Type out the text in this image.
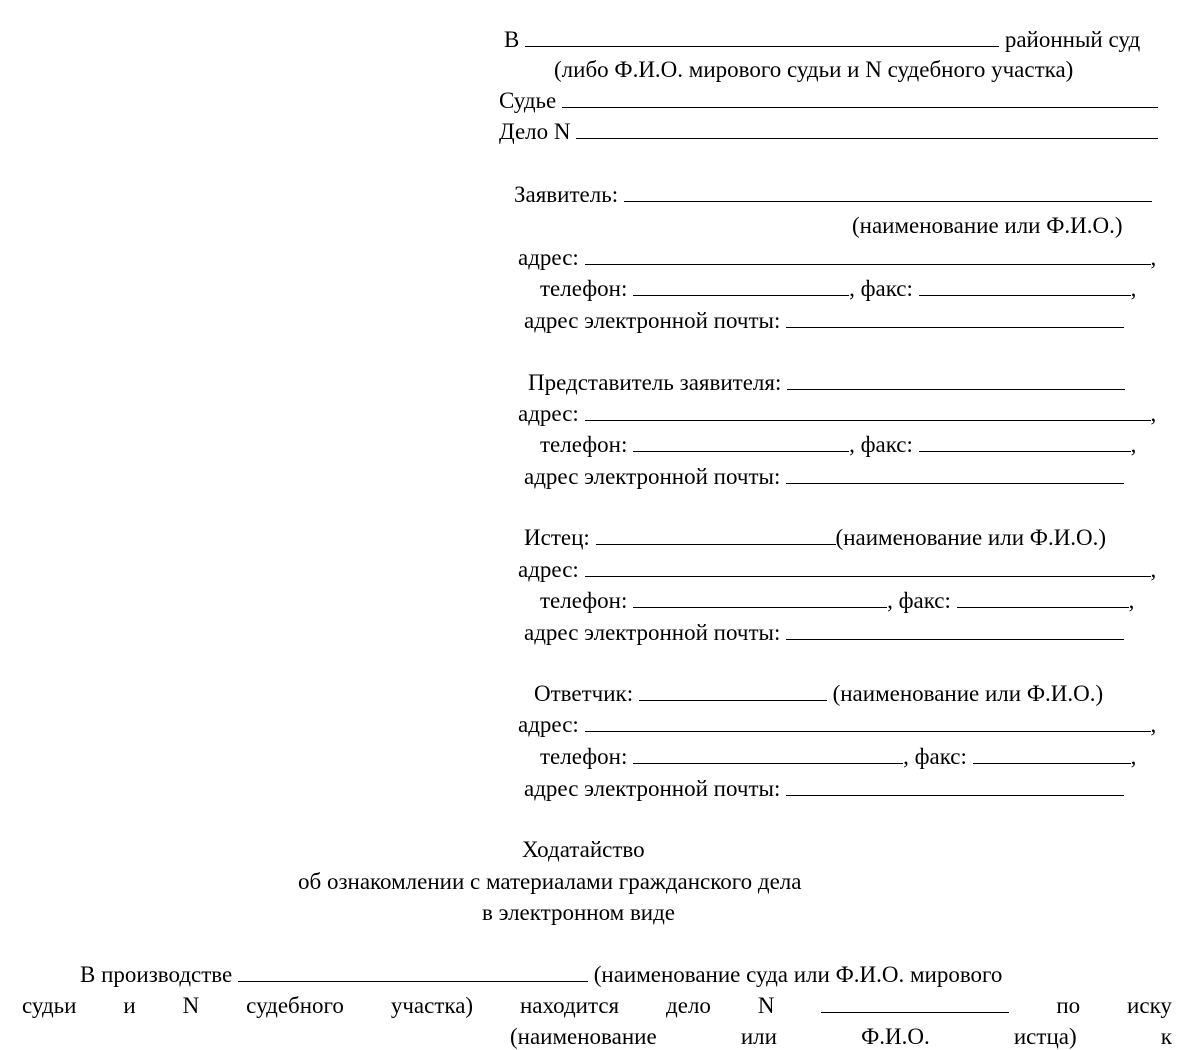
В	районный суд
(либо Ф.И.О. мирового судьи и N судебного участка)
Судье
Дело N
Заявитель:
(наименование или Ф.И.О.)
адрес:	,
телефон:	, факс:	,
адрес электронной почты:
Представитель заявителя:
адрес:	,
телефон:	, факс:	,
адрес электронной почты:
Истец:	(наименование или Ф.И.О.)
адрес:	,
телефон:	, факс:	,
адрес электронной почты:
Ответчик:	(наименование или Ф.И.О.)
адрес:	,
телефон:	, факс:	,
адрес электронной почты:
Ходатайство
об ознакомлении с материалами гражданского дела
в электронном виде
В производстве	(наименование суда или Ф.И.О. мирового
судьи и N судебного участка) находится дело N	по иску
(наименование	или	Ф.И.О.	истца)	к
